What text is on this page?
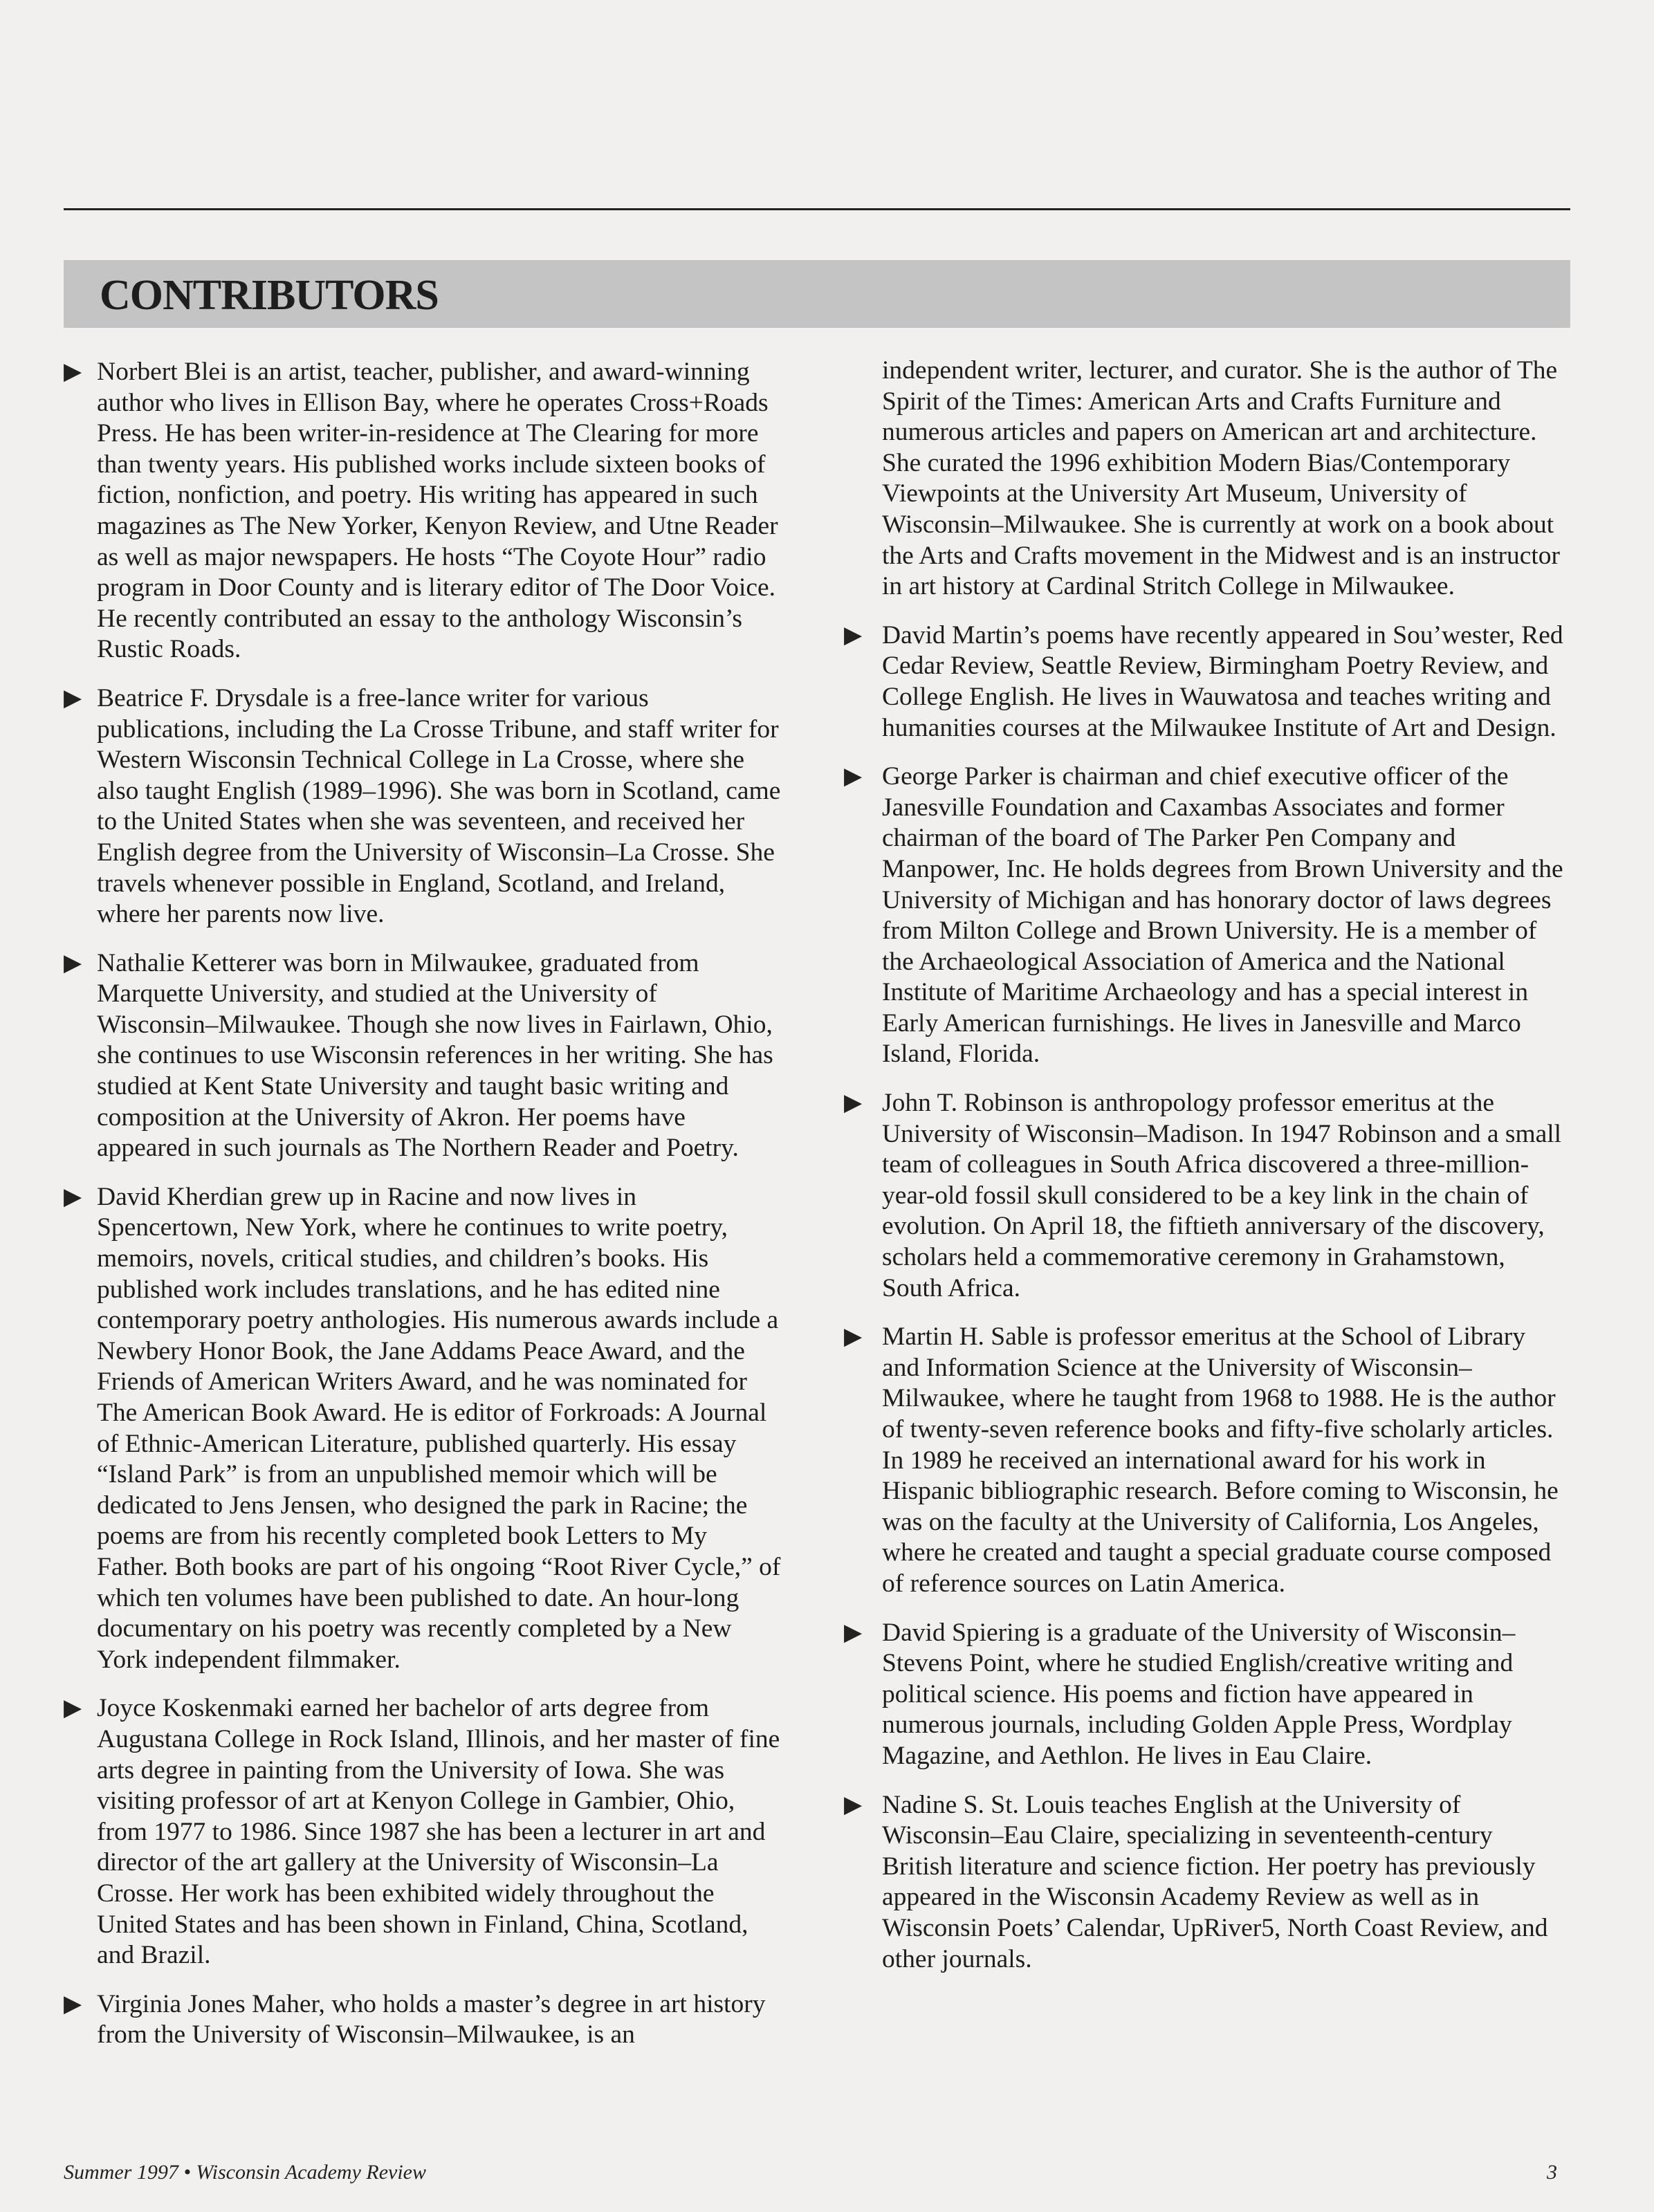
CONTRIBUTORS
▶ Norbert Blei is an artist, teacher, publisher, and award-winning author who lives in Ellison Bay, where he operates Cross+Roads Press. He has been writer-in-residence at The Clearing for more than twenty years. His published works include sixteen books of fiction, nonfiction, and poetry. His writing has appeared in such magazines as The New Yorker, Kenyon Review, and Utne Reader as well as major newspapers. He hosts “The Coyote Hour” radio program in Door County and is literary editor of The Door Voice. He recently contributed an essay to the anthology Wisconsin’s Rustic Roads.

▶ Beatrice F. Drysdale is a free-lance writer for various publications, including the La Crosse Tribune, and staff writer for Western Wisconsin Technical College in La Crosse, where she also taught English (1989–1996). She was born in Scotland, came to the United States when she was seventeen, and received her English degree from the University of Wisconsin–La Crosse. She travels whenever possible in England, Scotland, and Ireland, where her parents now live.

▶ Nathalie Ketterer was born in Milwaukee, graduated from Marquette University, and studied at the University of Wisconsin–Milwaukee. Though she now lives in Fairlawn, Ohio, she continues to use Wisconsin references in her writing. She has studied at Kent State University and taught basic writing and composition at the University of Akron. Her poems have appeared in such journals as The Northern Reader and Poetry.

▶ David Kherdian grew up in Racine and now lives in Spencertown, New York, where he continues to write poetry, memoirs, novels, critical studies, and children’s books. His published work includes translations, and he has edited nine contemporary poetry anthologies. His numerous awards include a Newbery Honor Book, the Jane Addams Peace Award, and the Friends of American Writers Award, and he was nominated for The American Book Award. He is editor of Forkroads: A Journal of Ethnic-American Literature, published quarterly. His essay “Island Park” is from an unpublished memoir which will be dedicated to Jens Jensen, who designed the park in Racine; the poems are from his recently completed book Letters to My Father. Both books are part of his ongoing “Root River Cycle,” of which ten volumes have been published to date. An hour-long documentary on his poetry was recently completed by a New York independent filmmaker.

▶ Joyce Koskenmaki earned her bachelor of arts degree from Augustana College in Rock Island, Illinois, and her master of fine arts degree in painting from the University of Iowa. She was visiting professor of art at Kenyon College in Gambier, Ohio, from 1977 to 1986. Since 1987 she has been a lecturer in art and director of the art gallery at the University of Wisconsin–La Crosse. Her work has been exhibited widely throughout the United States and has been shown in Finland, China, Scotland, and Brazil.

▶ Virginia Jones Maher, who holds a master’s degree in art history from the University of Wisconsin–Milwaukee, is an

independent writer, lecturer, and curator. She is the author of The Spirit of the Times: American Arts and Crafts Furniture and numerous articles and papers on American art and architecture. She curated the 1996 exhibition Modern Bias/Contemporary Viewpoints at the University Art Museum, University of Wisconsin–Milwaukee. She is currently at work on a book about the Arts and Crafts movement in the Midwest and is an instructor in art history at Cardinal Stritch College in Milwaukee.

▶ David Martin’s poems have recently appeared in Sou’wester, Red Cedar Review, Seattle Review, Birmingham Poetry Review, and College English. He lives in Wauwatosa and teaches writing and humanities courses at the Milwaukee Institute of Art and Design.

▶ George Parker is chairman and chief executive officer of the Janesville Foundation and Caxambas Associates and former chairman of the board of The Parker Pen Company and Manpower, Inc. He holds degrees from Brown University and the University of Michigan and has honorary doctor of laws degrees from Milton College and Brown University. He is a member of the Archaeological Association of America and the National Institute of Maritime Archaeology and has a special interest in Early American furnishings. He lives in Janesville and Marco Island, Florida.

▶ John T. Robinson is anthropology professor emeritus at the University of Wisconsin–Madison. In 1947 Robinson and a small team of colleagues in South Africa discovered a three-million-year-old fossil skull considered to be a key link in the chain of evolution. On April 18, the fiftieth anniversary of the discovery, scholars held a commemorative ceremony in Grahamstown, South Africa.

▶ Martin H. Sable is professor emeritus at the School of Library and Information Science at the University of Wisconsin–Milwaukee, where he taught from 1968 to 1988. He is the author of twenty-seven reference books and fifty-five scholarly articles. In 1989 he received an international award for his work in Hispanic bibliographic research. Before coming to Wisconsin, he was on the faculty at the University of California, Los Angeles, where he created and taught a special graduate course composed of reference sources on Latin America.

▶ David Spiering is a graduate of the University of Wisconsin–Stevens Point, where he studied English/creative writing and political science. His poems and fiction have appeared in numerous journals, including Golden Apple Press, Wordplay Magazine, and Aethlon. He lives in Eau Claire.

▶ Nadine S. St. Louis teaches English at the University of Wisconsin–Eau Claire, specializing in seventeenth-century British literature and science fiction. Her poetry has previously appeared in the Wisconsin Academy Review as well as in Wisconsin Poets’ Calendar, UpRiver5, North Coast Review, and other journals.

Summer 1997 • Wisconsin Academy Review	3
